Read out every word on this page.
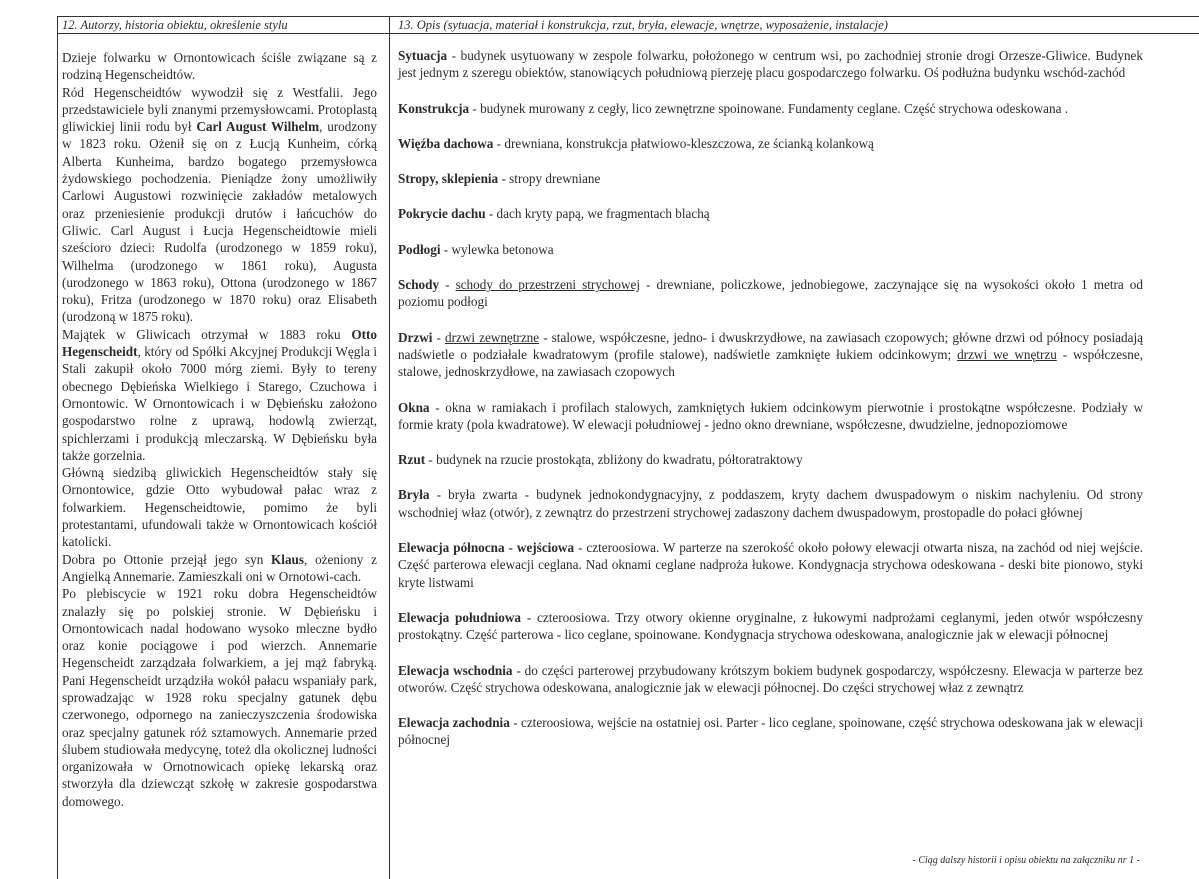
12. Autorzy, historia obiektu, określenie stylu	13. Opis (sytuacja, materiał i konstrukcja, rzut, bryła, elewacje, wnętrze, wyposażenie, instalacje)

Dzieje folwarku w Ornontowicach ściśle związane są z rodziną Hegenscheidtów.

Ród Hegenscheidtów wywodził się z Westfalii. Jego przedstawiciele byli znanymi przemysłowcami. Protoplastą gliwickiej linii rodu był Carl August Wilhelm, urodzony w 1823 roku. Ożenił się on z Łucją Kunheim, córką Alberta Kunheima, bardzo bogatego przemysłowca żydowskiego pochodzenia. Pieniądze żony umożliwiły Carlowi Augustowi rozwinięcie zakładów metalowych oraz przeniesienie produkcji drutów i łańcuchów do Gliwic. Carl August i Łucja Hegenscheidtowie mieli sześcioro dzieci: Rudolfa (urodzonego w 1859 roku), Wilhelma (urodzonego w 1861 roku), Augusta (urodzonego w 1863 roku), Ottona (urodzonego w 1867 roku), Fritza (urodzonego w 1870 roku) oraz Elisabeth (urodzoną w 1875 roku).

Majątek w Gliwicach otrzymał w 1883 roku Otto Hegenscheidt, który od Spółki Akcyjnej Produkcji Węgla i Stali zakupił około 7000 mórg ziemi. Były to tereny obecnego Dębieńska Wielkiego i Starego, Czuchowa i Ornontowic. W Ornontowicach i w Dębieńsku założono gospodarstwo rolne z uprawą, hodowlą zwierząt, spichlerzami i produkcją mleczarską. W Dębieńsku była także gorzelnia.

Główną siedzibą gliwickich Hegenscheidtów stały się Ornontowice, gdzie Otto wybudował pałac wraz z folwarkiem. Hegenscheidtowie, pomimo że byli protestantami, ufundowali także w Ornontowicach kościół katolicki.

Dobra po Ottonie przejął jego syn Klaus, ożeniony z Angielką Annemarie. Zamieszkali oni w Ornotowi-cach.

Po plebiscycie w 1921 roku dobra Hegenscheidtów znalazły się po polskiej stronie. W Dębieńsku i Ornontowicach nadal hodowano wysoko mleczne bydło oraz konie pociągowe i pod wierzch. Annemarie Hegenscheidt zarządzała folwarkiem, a jej mąż fabryką. Pani Hegenscheidt urządziła wokół pałacu wspaniały park, sprowadzając w 1928 roku specjalny gatunek dębu czerwonego, odpornego na zanieczyszczenia środowiska oraz specjalny gatunek róż sztamowych. Annemarie przed ślubem studiowała medycynę, toteż dla okolicznej ludności organizowała w Ornotnowicach opiekę lekarską oraz stworzyła dla dziewcząt szkołę w zakresie gospodarstwa domowego.

Sytuacja - budynek usytuowany w zespole folwarku, położonego w centrum wsi, po zachodniej stronie drogi Orzesze-Gliwice. Budynek jest jednym z szeregu obiektów, stanowiących południową pierzeję placu gospodarczego folwarku. Oś podłużna budynku wschód-zachód

Konstrukcja - budynek murowany z cegły, lico zewnętrzne spoinowane. Fundamenty ceglane. Część strychowa odeskowana .

Więźba dachowa - drewniana, konstrukcja płatwiowo-kleszczowa, ze ścianką kolankową

Stropy, sklepienia - stropy drewniane

Pokrycie dachu - dach kryty papą, we fragmentach blachą

Podłogi - wylewka betonowa

Schody - schody do przestrzeni strychowej - drewniane, policzkowe, jednobiegowe, zaczynające się na wysokości około 1 metra od poziomu podłogi

Drzwi - drzwi zewnętrzne - stalowe, współczesne, jedno- i dwuskrzydłowe, na zawiasach czopowych; główne drzwi od północy posiadają nadświetle o podziałale kwadratowym (profile stalowe), nadświetle zamknięte łukiem odcinkowym; drzwi we wnętrzu - współczesne, stalowe, jednoskrzydłowe, na zawiasach czopowych

Okna - okna w ramiakach i profilach stalowych, zamkniętych łukiem odcinkowym pierwotnie i prostokątne współczesne. Podziały w formie kraty (pola kwadratowe). W elewacji południowej - jedno okno drewniane, współczesne, dwudzielne, jednopoziomowe

Rzut - budynek na rzucie prostokąta, zbliżony do kwadratu, półtoratraktowy

Bryła - bryła zwarta - budynek jednokondygnacyjny, z poddaszem, kryty dachem dwuspadowym o niskim nachyleniu. Od strony wschodniej właz (otwór), z zewnątrz do przestrzeni strychowej zadaszony dachem dwuspadowym, prostopadle do połaci głównej

Elewacja północna - wejściowa - czteroosiowa. W parterze na szerokość około połowy elewacji otwarta nisza, na zachód od niej wejście. Część parterowa elewacji ceglana. Nad oknami ceglane nadproża łukowe. Kondygnacja strychowa odeskowana - deski bite pionowo, styki kryte listwami

Elewacja południowa - czteroosiowa. Trzy otwory okienne oryginalne, z łukowymi nadprożami ceglanymi, jeden otwór współczesny prostokątny. Część parterowa - lico ceglane, spoinowane. Kondygnacja strychowa odeskowana, analogicznie jak w elewacji północnej

Elewacja wschodnia - do części parterowej przybudowany krótszym bokiem budynek gospodarczy, współczesny. Elewacja w parterze bez otworów. Część strychowa odeskowana, analogicznie jak w elewacji północnej. Do części strychowej właz z zewnątrz

Elewacja zachodnia - czteroosiowa, wejście na ostatniej osi. Parter - lico ceglane, spoinowane, część strychowa odeskowana jak w elewacji północnej

- Ciąg dalszy historii i opisu obiektu na załączniku nr 1 -
